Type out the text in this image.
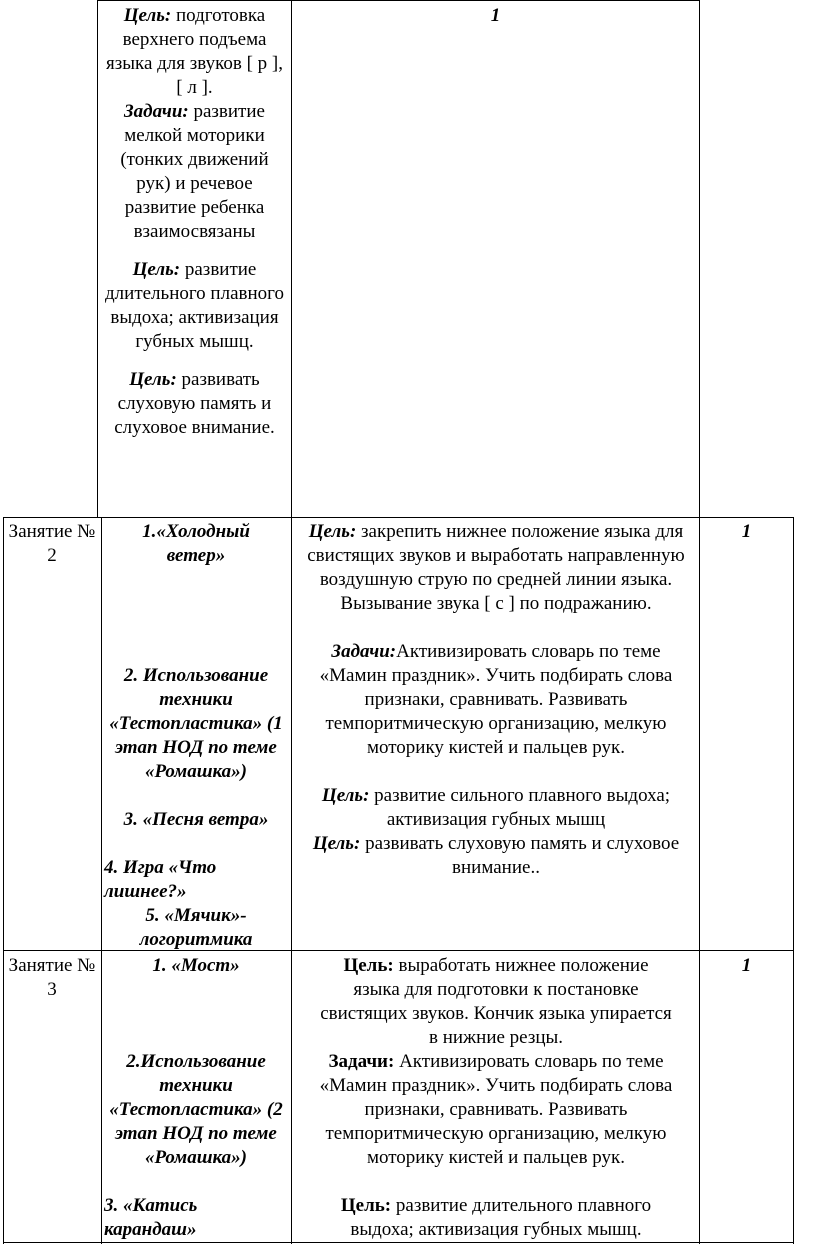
Цель: подготовка верхнего подъема языка для звуков [ р ], [ л ].

Задачи: развитие мелкой моторики (тонких движений рук) и речевое развитие ребенка взаимосвязаны

Цель: развитие длительного плавного выдоха; активизация губных мышц.

Цель: развивать слуховую память и слуховое внимание.

1
Занятие № 2

1.«Холодный ветер»

2. Использование техники «Тестопластика» (1 этап НОД по теме «Ромашка»)

3. «Песня ветра»

4. Игра «Что лишнее?»

5. «Мячик»-логоритмика

Цель: закрепить нижнее положение языка для свистящих звуков и выработать направленную воздушную струю по средней линии языка. Вызывание звука [ с ] по подражанию.

Задачи:Активизировать словарь по теме «Мамин праздник». Учить подбирать слова признаки, сравнивать. Развивать темпоритмическую организацию, мелкую моторику кистей и пальцев рук.

Цель: развитие сильного плавного выдоха; активизация губных мышц

Цель: развивать слуховую память и слуховое внимание..

1
Занятие № 3

1. «Мост»

2.Использование техники «Тестопластика» (2 этап НОД по теме «Ромашка»)

3. «Катись карандаш»

Цель: выработать нижнее положение языка для подготовки к постановке свистящих звуков. Кончик языка упирается в нижние резцы.

Задачи: Активизировать словарь по теме «Мамин праздник». Учить подбирать слова признаки, сравнивать. Развивать темпоритмическую организацию, мелкую моторику кистей и пальцев рук.

Цель: развитие длительного плавного выдоха; активизация губных мышц.

1
